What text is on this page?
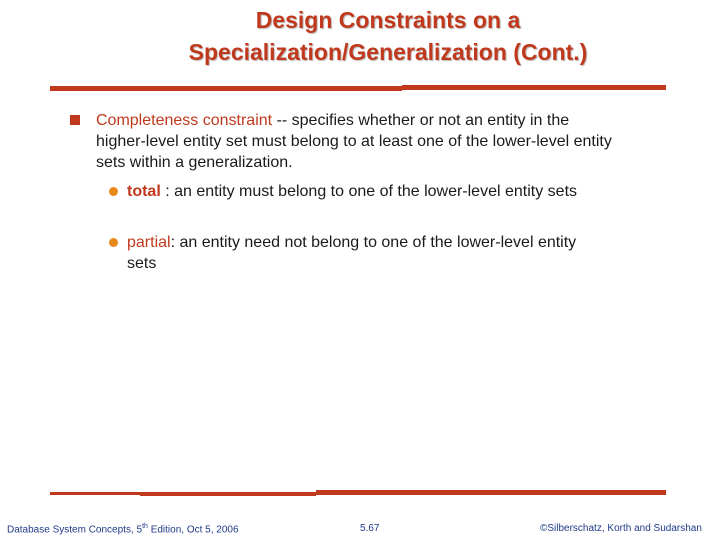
Design Constraints on a
Specialization/Generalization (Cont.)
Completeness constraint -- specifies whether or not an entity in the higher-level entity set must belong to at least one of the lower-level entity sets within a generalization.
total : an entity must belong to one of the lower-level entity sets
partial: an entity need not belong to one of the lower-level entity sets
Database System Concepts, 5th Edition, Oct 5, 2006	5.67	©Silberschatz, Korth and Sudarshan
